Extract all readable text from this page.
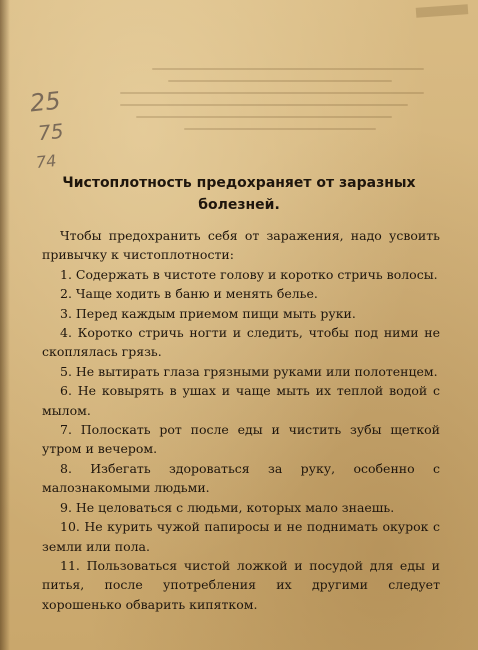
25
75
74
Чистоплотность предохраняет от заразных болезней.

Чтобы предохранить себя от заражения, надо усвоить привычку к чистоплотности:

1. Содержать в чистоте голову и коротко стричь волосы.
2. Чаще ходить в баню и менять белье.
3. Перед каждым приемом пищи мыть руки.
4. Коротко стричь ногти и следить, чтобы под ними не скоплялась грязь.
5. Не вытирать глаза грязными руками или полотенцем.
6. Не ковырять в ушах и чаще мыть их теплой водой с мылом.
7. Полоскать рот после еды и чистить зубы щеткой утром и вечером.
8. Избегать здороваться за руку, особенно с малознакомыми людьми.
9. Не целоваться с людьми, которых мало знаешь.
10. Не курить чужой папиросы и не поднимать окурок с земли или пола.
11. Пользоваться чистой ложкой и посудой для еды и питья, после употребления их другими следует хорошенько обварить кипятком.
